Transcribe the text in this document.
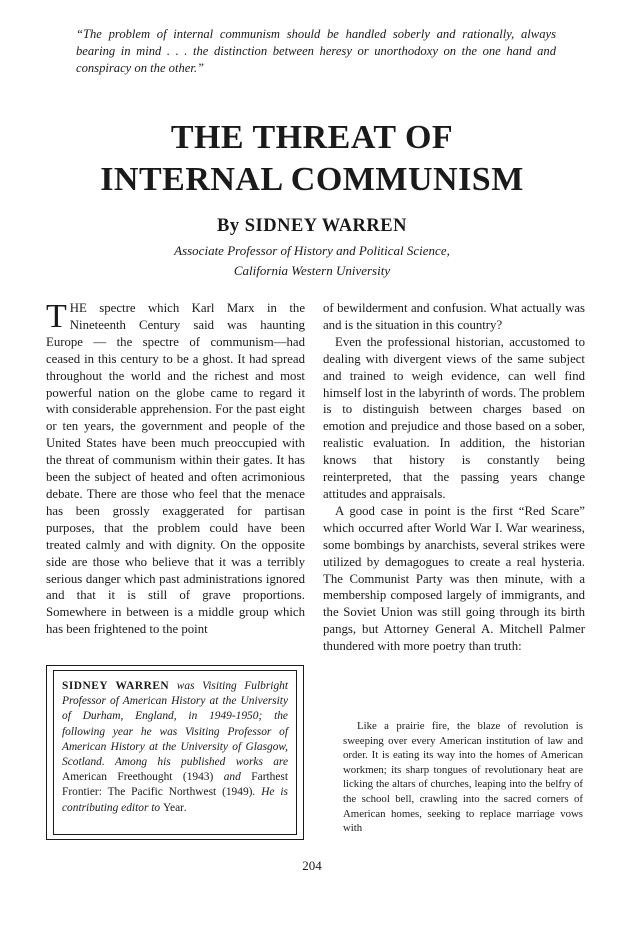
“The problem of internal communism should be handled soberly and rationally, always bearing in mind . . . the distinction between heresy or unorthodoxy on the one hand and conspiracy on the other.”
THE THREAT OF
INTERNAL COMMUNISM
By SIDNEY WARREN
Associate Professor of History and Political Science,
California Western University

THE spectre which Karl Marx in the Nineteenth Century said was haunting Europe — the spectre of communism—had ceased in this century to be a ghost. It had spread throughout the world and the richest and most powerful nation on the globe came to regard it with considerable apprehension. For the past eight or ten years, the government and people of the United States have been much preoccupied with the threat of communism within their gates. It has been the subject of heated and often acrimonious debate. There are those who feel that the menace has been grossly exaggerated for partisan purposes, that the problem could have been treated calmly and with dignity. On the opposite side are those who believe that it was a terribly serious danger which past administrations ignored and that it is still of grave proportions. Somewhere in between is a middle group which has been frightened to the point

SIDNEY WARREN was Visiting Fulbright Professor of American History at the University of Durham, England, in 1949-1950; the following year he was Visiting Professor of American History at the University of Glasgow, Scotland. Among his published works are American Freethought (1943) and Farthest Frontier: The Pacific Northwest (1949). He is contributing editor to Year.

of bewilderment and confusion. What actually was and is the situation in this country?

Even the professional historian, accustomed to dealing with divergent views of the same subject and trained to weigh evidence, can well find himself lost in the labyrinth of words. The problem is to distinguish between charges based on emotion and prejudice and those based on a sober, realistic evaluation. In addition, the historian knows that history is constantly being reinterpreted, that the passing years change attitudes and appraisals.

A good case in point is the first “Red Scare” which occurred after World War I. War weariness, some bombings by anarchists, several strikes were utilized by demagogues to create a real hysteria. The Communist Party was then minute, with a membership composed largely of immigrants, and the Soviet Union was still going through its birth pangs, but Attorney General A. Mitchell Palmer thundered with more poetry than truth:

Like a prairie fire, the blaze of revolution is sweeping over every American institution of law and order. It is eating its way into the homes of American workmen; its sharp tongues of revolutionary heat are licking the altars of churches, leaping into the belfry of the school bell, crawling into the sacred corners of American homes, seeking to replace marriage vows with

204
